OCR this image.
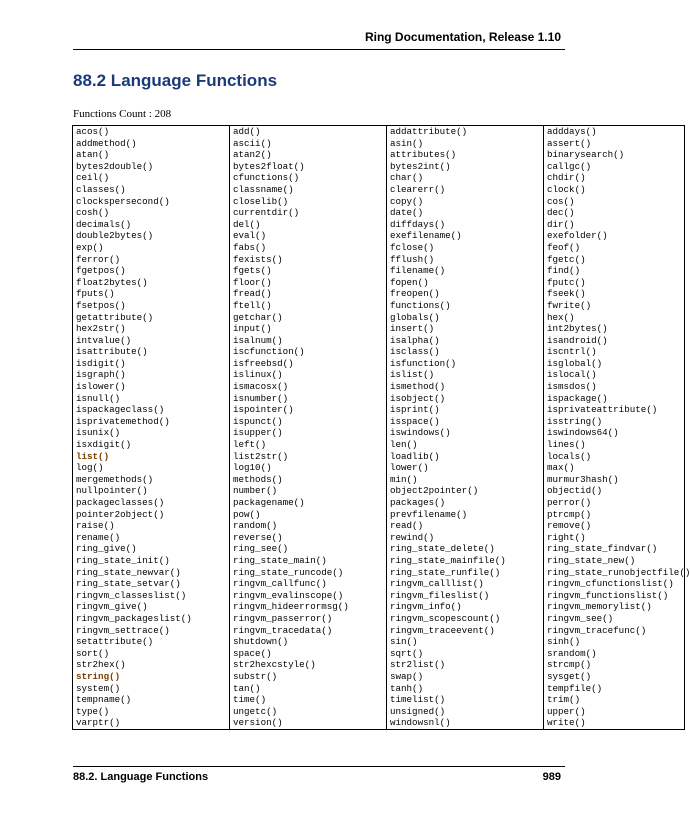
Ring Documentation, Release 1.10
88.2 Language Functions
Functions Count : 208
acos()	add()	addattribute()	adddays()
addmethod()	ascii()	asin()	assert()
atan()	atan2()	attributes()	binarysearch()
bytes2double()	bytes2float()	bytes2int()	callgc()
ceil()	cfunctions()	char()	chdir()
classes()	classname()	clearerr()	clock()
clockspersecond()	closelib()	copy()	cos()
cosh()	currentdir()	date()	dec()
decimals()	del()	diffdays()	dir()
double2bytes()	eval()	exefilename()	exefolder()
exp()	fabs()	fclose()	feof()
ferror()	fexists()	fflush()	fgetc()
fgetpos()	fgets()	filename()	find()
float2bytes()	floor()	fopen()	fputc()
fputs()	fread()	freopen()	fseek()
fsetpos()	ftell()	functions()	fwrite()
getattribute()	getchar()	globals()	hex()
hex2str()	input()	insert()	int2bytes()
intvalue()	isalnum()	isalpha()	isandroid()
isattribute()	iscfunction()	isclass()	iscntrl()
isdigit()	isfreebsd()	isfunction()	isglobal()
isgraph()	islinux()	islist()	islocal()
islower()	ismacosx()	ismethod()	ismsdos()
isnull()	isnumber()	isobject()	ispackage()
ispackageclass()	ispointer()	isprint()	isprivateattribute()
isprivatemethod()	ispunct()	isspace()	isstring()
isunix()	isupper()	iswindows()	iswindows64()
isxdigit()	left()	len()	lines()
list()	list2str()	loadlib()	locals()
log()	log10()	lower()	max()
mergemethods()	methods()	min()	murmur3hash()
nullpointer()	number()	object2pointer()	objectid()
packageclasses()	packagename()	packages()	perror()
pointer2object()	pow()	prevfilename()	ptrcmp()
raise()	random()	read()	remove()
rename()	reverse()	rewind()	right()
ring_give()	ring_see()	ring_state_delete()	ring_state_findvar()
ring_state_init()	ring_state_main()	ring_state_mainfile()	ring_state_new()
ring_state_newvar()	ring_state_runcode()	ring_state_runfile()	ring_state_runobjectfile()
ring_state_setvar()	ringvm_callfunc()	ringvm_calllist()	ringvm_cfunctionslist()
ringvm_classeslist()	ringvm_evalinscope()	ringvm_fileslist()	ringvm_functionslist()
ringvm_give()	ringvm_hideerrormsg()	ringvm_info()	ringvm_memorylist()
ringvm_packageslist()	ringvm_passerror()	ringvm_scopescount()	ringvm_see()
ringvm_settrace()	ringvm_tracedata()	ringvm_traceevent()	ringvm_tracefunc()
setattribute()	shutdown()	sin()	sinh()
sort()	space()	sqrt()	srandom()
str2hex()	str2hexcstyle()	str2list()	strcmp()
string()	substr()	swap()	sysget()
system()	tan()	tanh()	tempfile()
tempname()	time()	timelist()	trim()
type()	ungetc()	unsigned()	upper()
varptr()	version()	windowsnl()	write()
88.2. Language Functions	989
